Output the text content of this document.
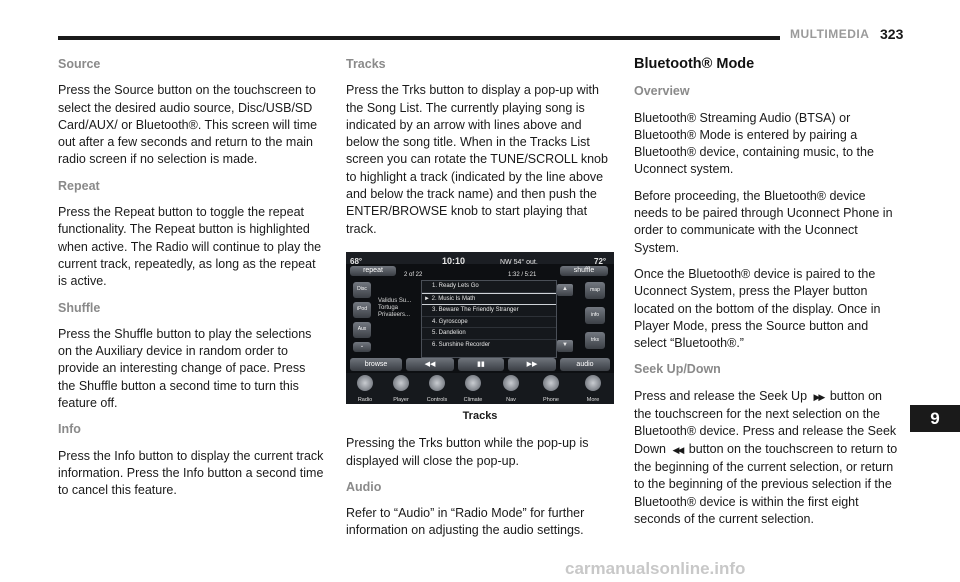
MULTIMEDIA 323
9
Source

Press the Source button on the touchscreen to select the desired audio source, Disc/USB/SD Card/AUX/ or Bluetooth®. This screen will time out after a few seconds and return to the main radio screen if no selection is made.

Repeat

Press the Repeat button to toggle the repeat functionality. The Repeat button is highlighted when active. The Radio will continue to play the current track, repeatedly, as long as the repeat is active.

Shuffle

Press the Shuffle button to play the selections on the Auxiliary device in random order to provide an interesting change of pace. Press the Shuffle button a second time to turn this feature off.

Info

Press the Info button to display the current track information. Press the Info button a second time to cancel this feature.

Tracks

Press the Trks button to display a pop-up with the Song List. The currently playing song is indicated by an arrow with lines above and below the song title. When in the Tracks List screen you can rotate the TUNE/SCROLL knob to highlight a track (indicated by the line above and below the track name) and then push the ENTER/BROWSE knob to start playing that track.

68°	10:10	NW 54° out.	72°
repeat
2 of 22	1:32 / 5:21
shuffle
Disc
iPod
Aux
⌄
Validus Su...
Tortuga
Privateers...
1. Ready Lets Go
► 2. Music Is Math
3. Beware The Friendly Stranger
4. Gyroscope
5. Dandelion
6. Sunshine Recorder
▲
▼
map
info
trks
browse	◀◀	▮▮	▶▶	audio
Radio	Player	Controls	Climate	Nav	Phone	More
Tracks

Pressing the Trks button while the pop-up is displayed will close the pop-up.

Audio

Refer to “Audio” in “Radio Mode” for further information on adjusting the audio settings.

Bluetooth® Mode
Overview

Bluetooth® Streaming Audio (BTSA) or Bluetooth® Mode is entered by pairing a Bluetooth® device, containing music, to the Uconnect system.

Before proceeding, the Bluetooth® device needs to be paired through Uconnect Phone in order to communicate with the Uconnect System.

Once the Bluetooth® device is paired to the Uconnect System, press the Player button located on the bottom of the display. Once in Player Mode, press the Source button and select “Bluetooth®.”

Seek Up/Down

Press and release the Seek Up ▶▶ button on the touchscreen for the next selection on the Bluetooth® device. Press and release the Seek Down ◀◀ button on the touchscreen to return to the beginning of the current selection, or return to the beginning of the previous selection if the Bluetooth® device is within the first eight seconds of the current selection.

carmanualsonline.info
